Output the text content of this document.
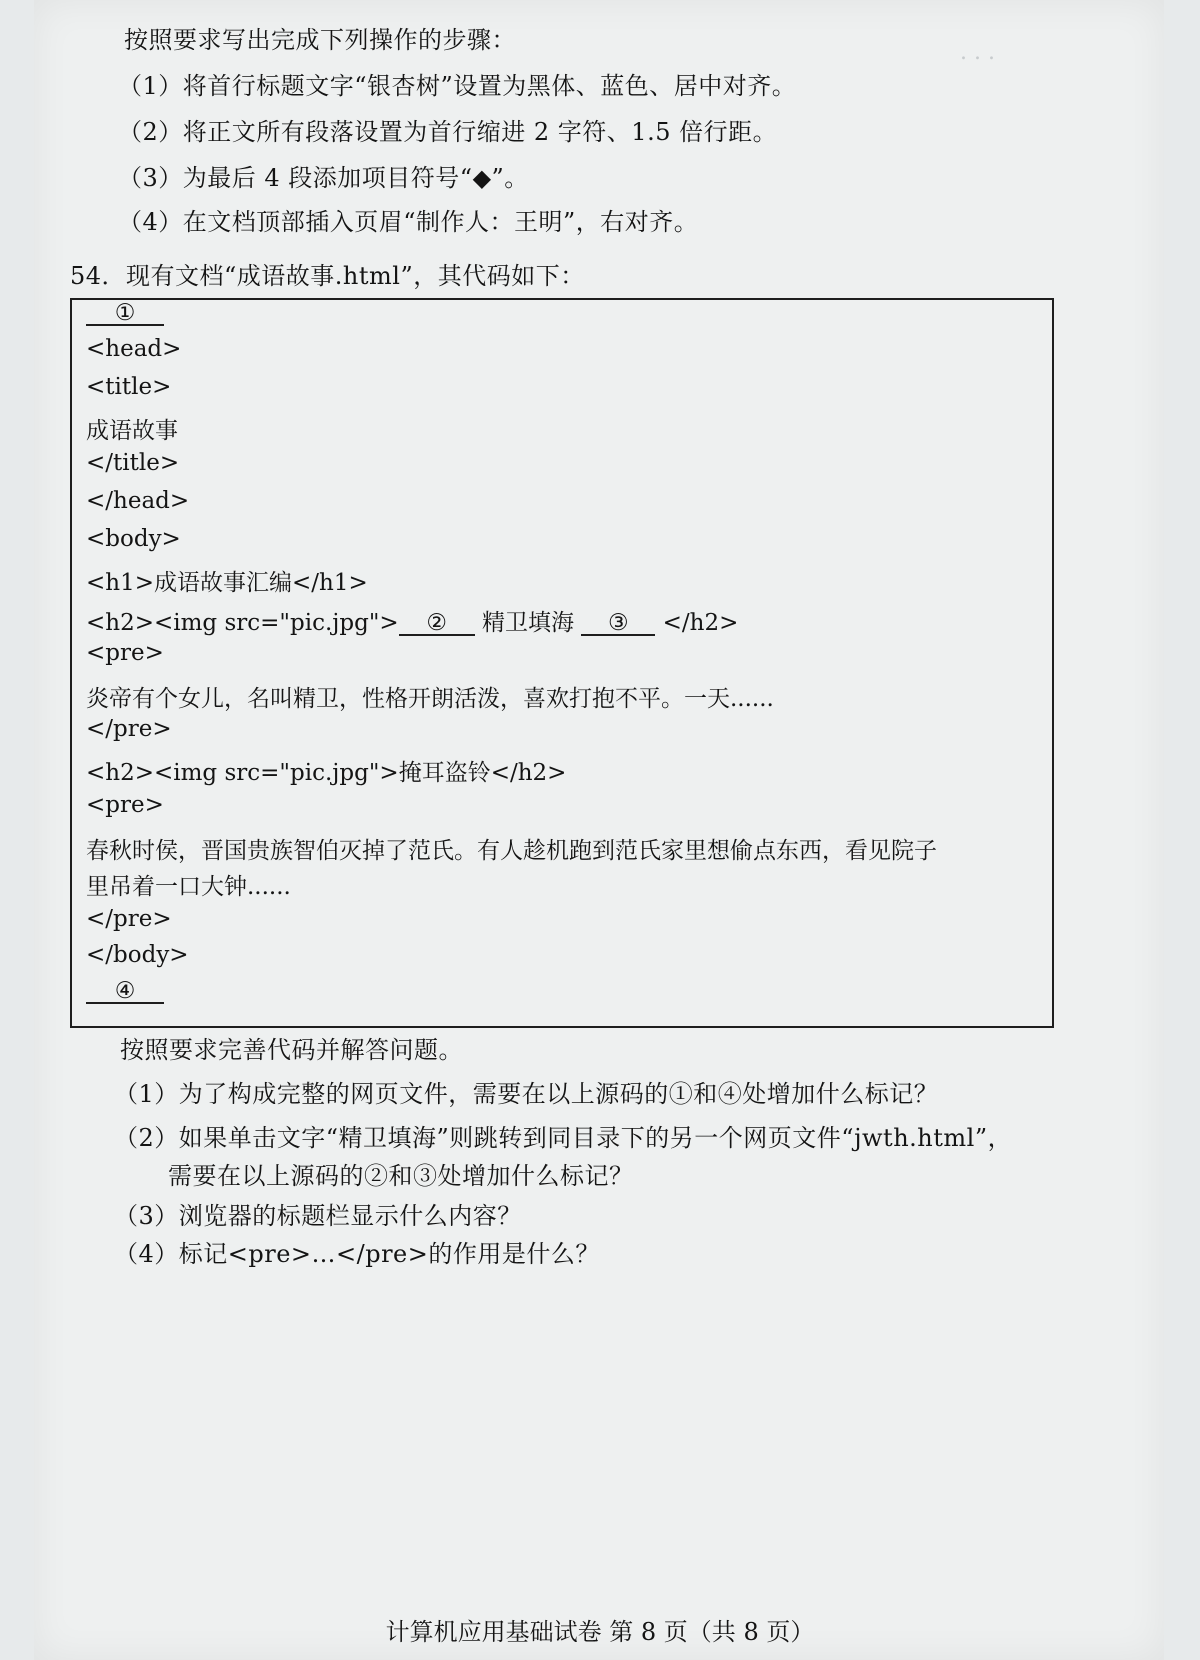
. . .
按照要求写出完成下列操作的步骤：
（1）将首行标题文字“银杏树”设置为黑体、蓝色、居中对齐。
（2）将正文所有段落设置为首行缩进 2 字符、1.5 倍行距。
（3）为最后 4 段添加项目符号“◆”。
（4）在文档顶部插入页眉“制作人：王明”，右对齐。
54．现有文档“成语故事.html”，其代码如下：
①
<head>
<title>
成语故事
</title>
</head>
<body>
<h1>成语故事汇编</h1>
<h2><img src="pic.jpg"> ② 精卫填海 ③ </h2>
<pre>
炎帝有个女儿，名叫精卫，性格开朗活泼，喜欢打抱不平。一天......
</pre>
<h2><img src="pic.jpg">掩耳盗铃</h2>
<pre>
春秋时侯，晋国贵族智伯灭掉了范氏。有人趁机跑到范氏家里想偷点东西，看见院子
里吊着一口大钟......
</pre>
</body>
④
按照要求完善代码并解答问题。
（1）为了构成完整的网页文件，需要在以上源码的①和④处增加什么标记？
（2）如果单击文字“精卫填海”则跳转到同目录下的另一个网页文件“jwth.html”，
需要在以上源码的②和③处增加什么标记？
（3）浏览器的标题栏显示什么内容？
（4）标记<pre>…</pre>的作用是什么？
计算机应用基础试卷 第 8 页（共 8 页）
